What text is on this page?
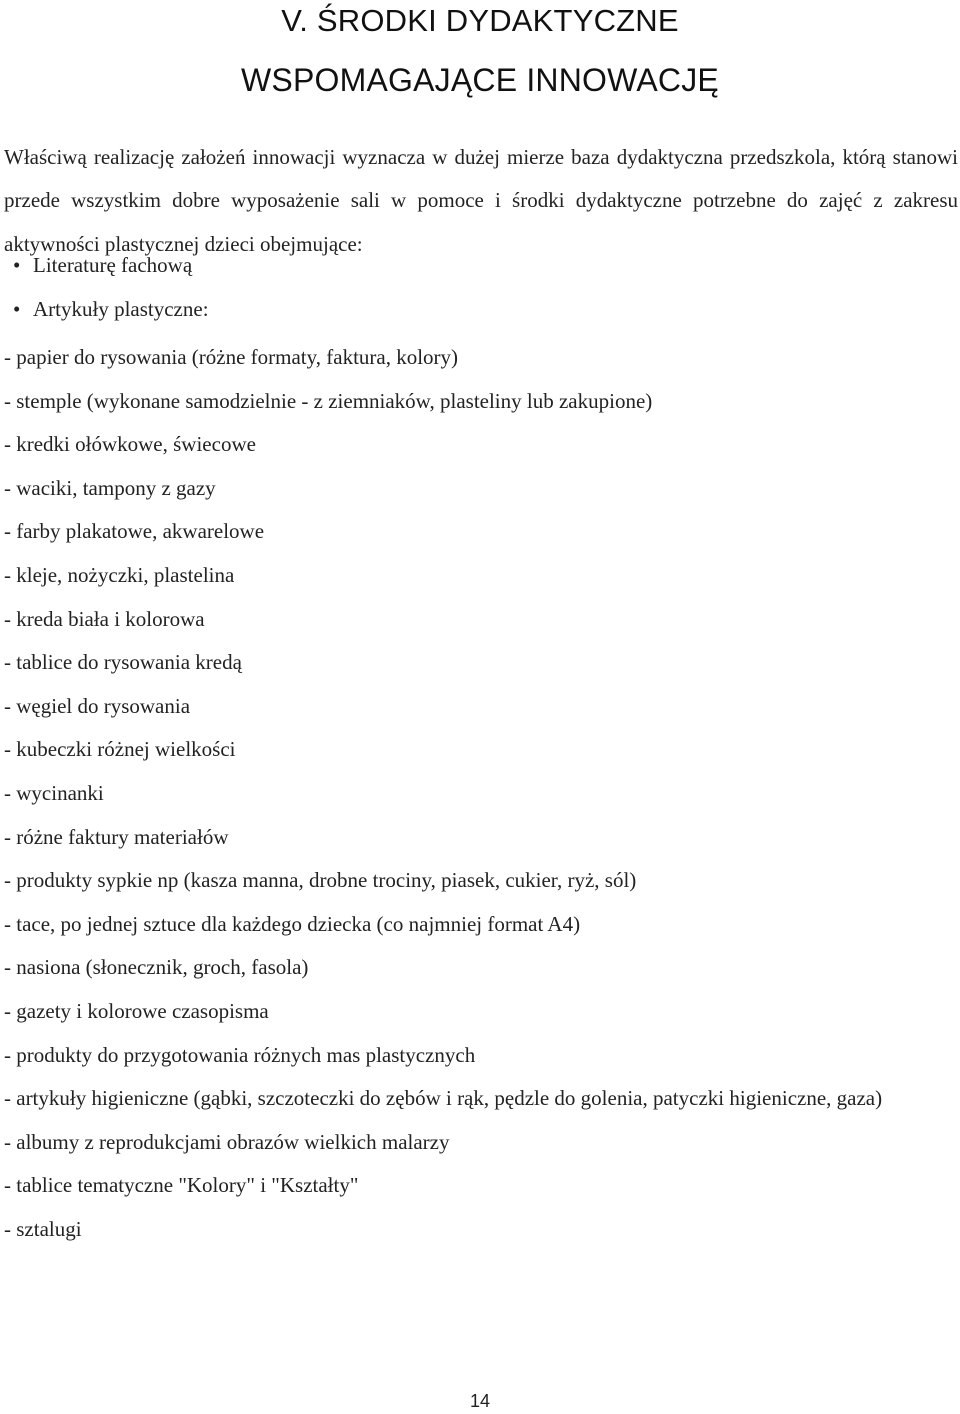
V. ŚRODKI DYDAKTYCZNE
WSPOMAGAJĄCE INNOWACJĘ

Właściwą realizację założeń innowacji wyznacza w dużej mierze baza dydaktyczna przedszkola, którą stanowi przede wszystkim dobre wyposażenie sali w pomoce i środki dydaktyczne potrzebne do zajęć z zakresu aktywności plastycznej dzieci obejmujące:

• Literaturę fachową
• Artykuły plastyczne:
- papier do rysowania (różne formaty, faktura, kolory)
- stemple (wykonane samodzielnie - z ziemniaków, plasteliny lub zakupione)
- kredki ołówkowe, świecowe
- waciki, tampony z gazy
- farby plakatowe, akwarelowe
- kleje, nożyczki, plastelina
- kreda biała i kolorowa
- tablice do rysowania kredą
- węgiel do rysowania
- kubeczki różnej wielkości
- wycinanki
- różne faktury materiałów
- produkty sypkie np (kasza manna, drobne trociny, piasek, cukier, ryż, sól)
- tace, po jednej sztuce dla każdego dziecka (co najmniej format A4)
- nasiona (słonecznik, groch, fasola)
- gazety i kolorowe czasopisma
- produkty do przygotowania różnych mas plastycznych
- artykuły higieniczne (gąbki, szczoteczki do zębów i rąk, pędzle do golenia, patyczki higieniczne, gaza)
- albumy z reprodukcjami obrazów wielkich malarzy
- tablice tematyczne "Kolory" i "Kształty"
- sztalugi
14
